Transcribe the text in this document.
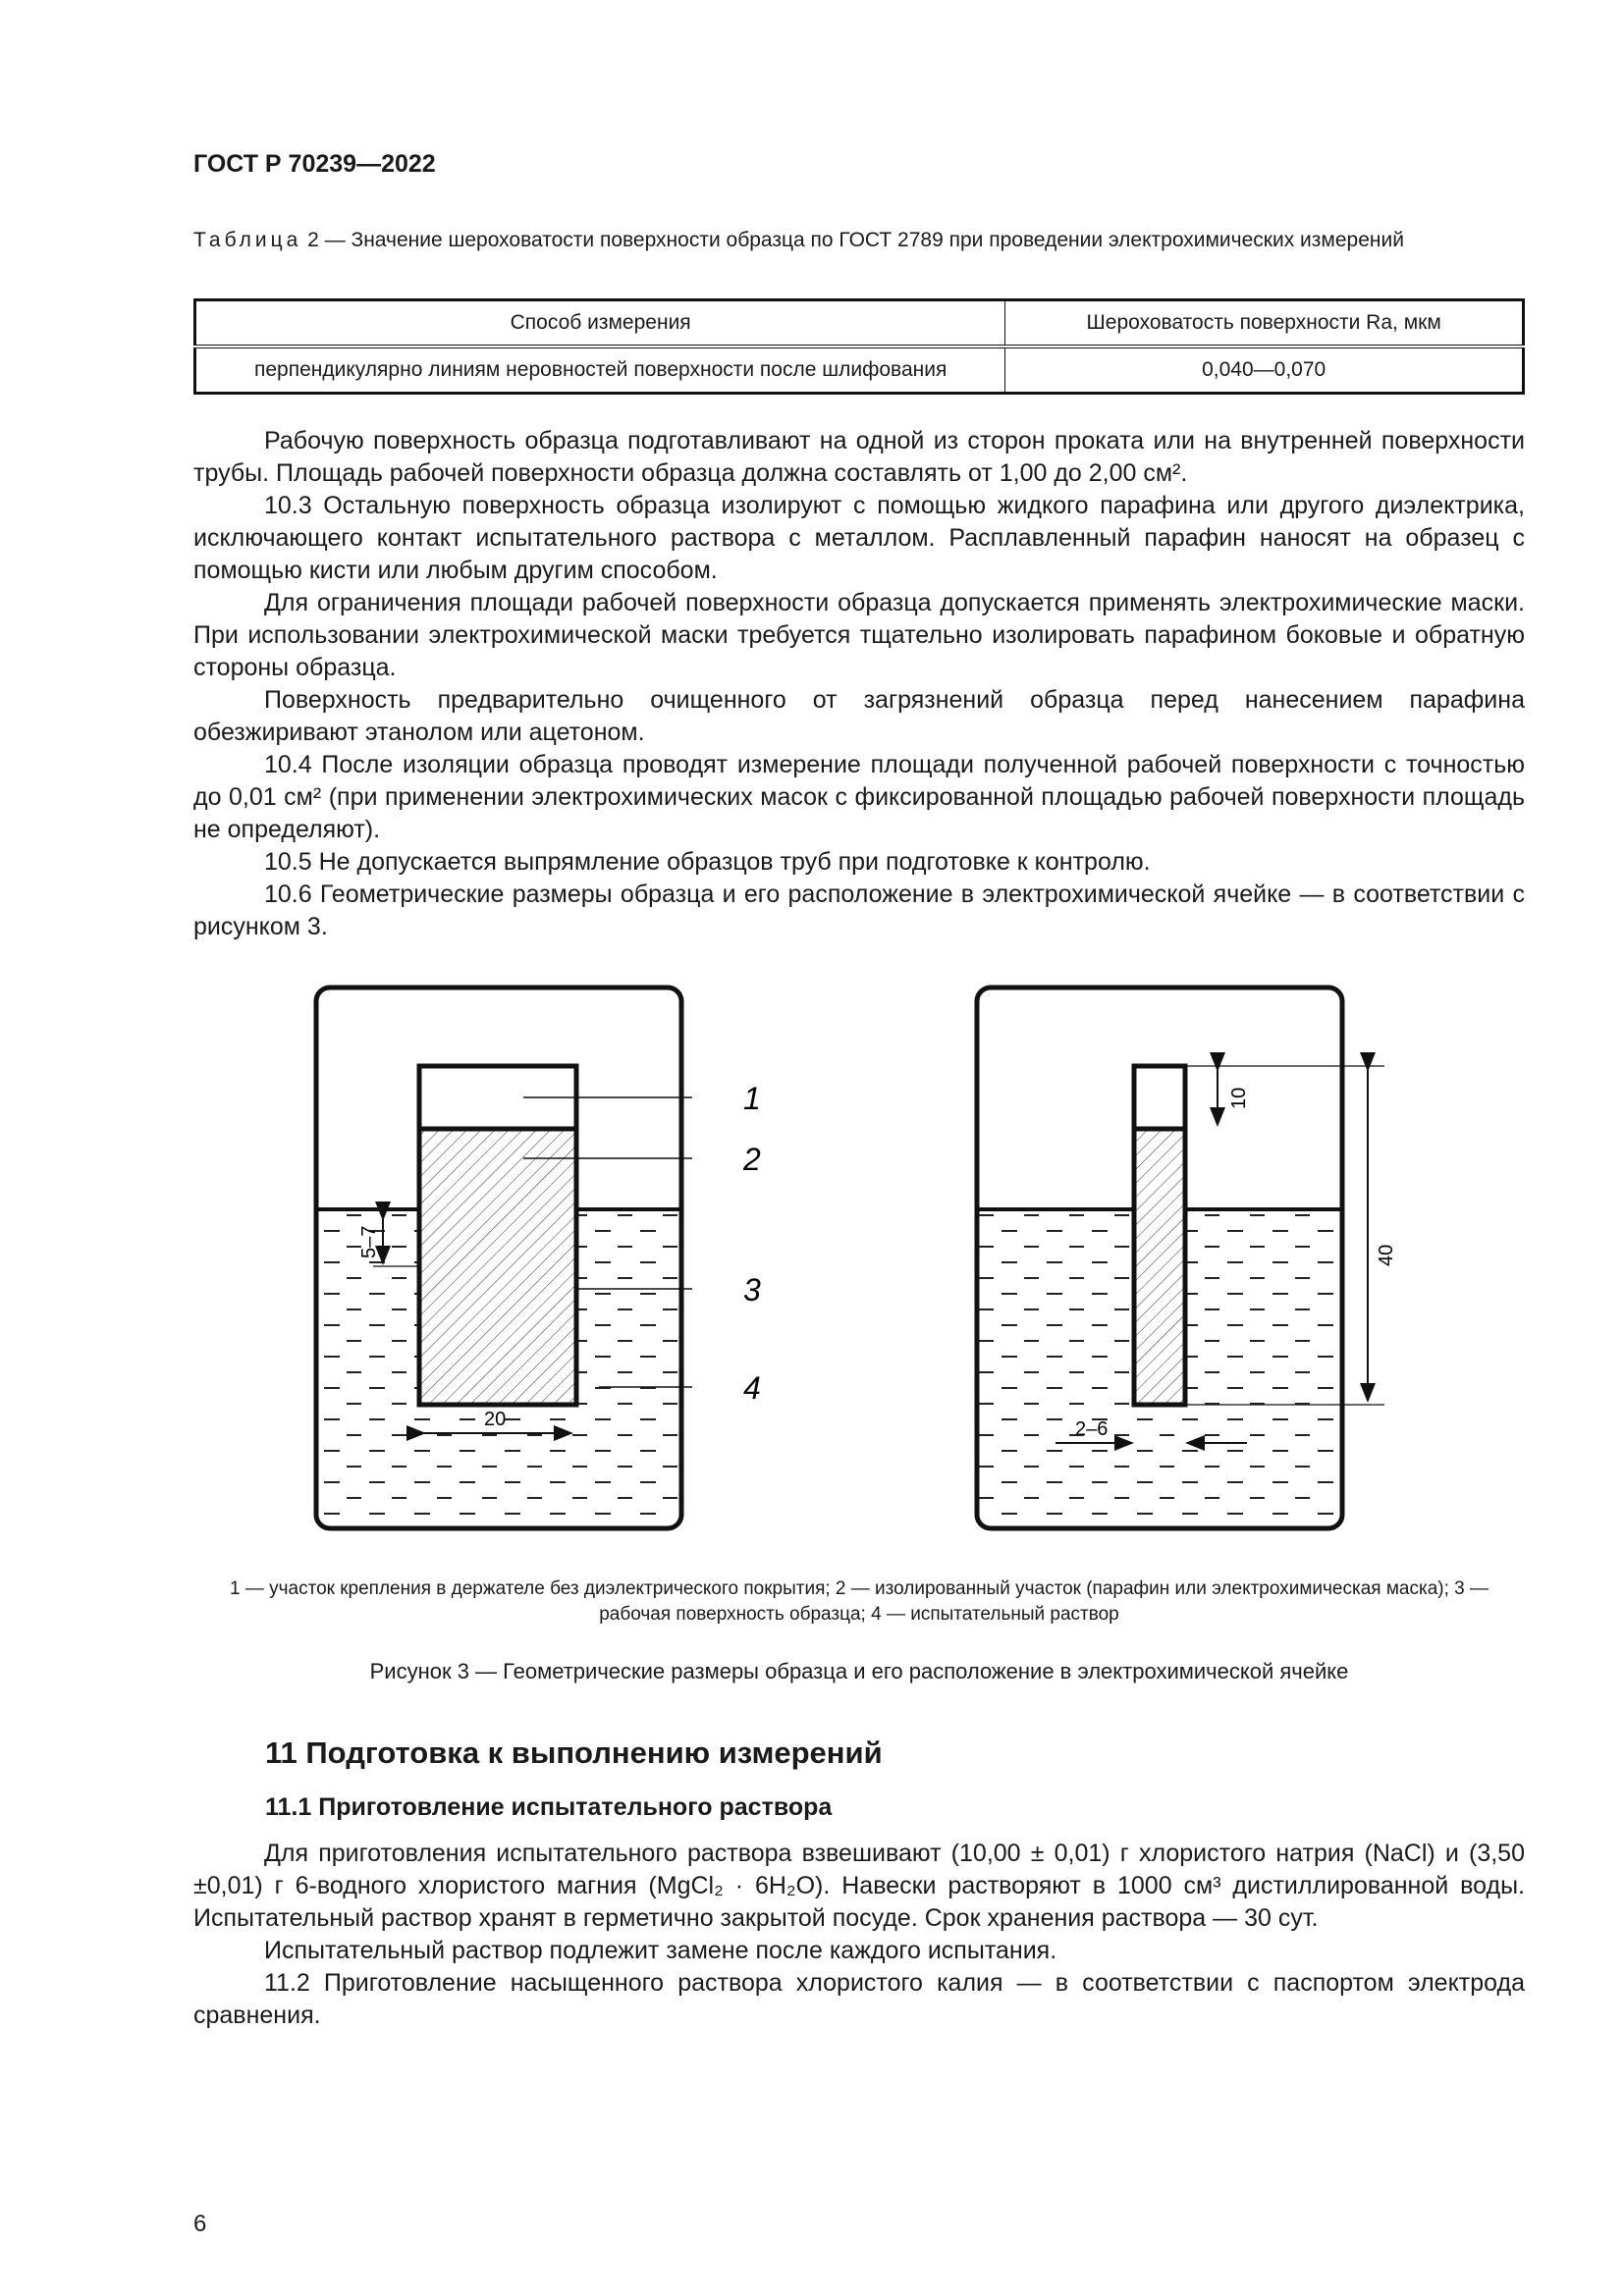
ГОСТ Р 70239—2022
Таблица 2 — Значение шероховатости поверхности образца по ГОСТ 2789 при проведении электрохимических измерений
Способ измерения	Шероховатость поверхности Ra, мкм
перпендикулярно линиям неровностей поверхности после шлифования	0,040—0,070

Рабочую поверхность образца подготавливают на одной из сторон проката или на внутренней поверхности трубы. Площадь рабочей поверхности образца должна составлять от 1,00 до 2,00 см².

10.3 Остальную поверхность образца изолируют с помощью жидкого парафина или другого диэлектрика, исключающего контакт испытательного раствора с металлом. Расплавленный парафин наносят на образец с помощью кисти или любым другим способом.

Для ограничения площади рабочей поверхности образца допускается применять электрохимические маски. При использовании электрохимической маски требуется тщательно изолировать парафином боковые и обратную стороны образца.

Поверхность предварительно очищенного от загрязнений образца перед нанесением парафина обезжиривают этанолом или ацетоном.

10.4 После изоляции образца проводят измерение площади полученной рабочей поверхности с точностью до 0,01 см² (при применении электрохимических масок с фиксированной площадью рабочей поверхности площадь не определяют).

10.5 Не допускается выпрямление образцов труб при подготовке к контролю.

10.6 Геометрические размеры образца и его расположение в электрохимической ячейке — в соответствии с рисунком 3.

1
2
3
4
5–7
20
10
40
2–6
1 — участок крепления в держателе без диэлектрического покрытия; 2 — изолированный участок (парафин или электрохимическая маска); 3 — рабочая поверхность образца; 4 — испытательный раствор
Рисунок 3 — Геометрические размеры образца и его расположение в электрохимической ячейке
11 Подготовка к выполнению измерений
11.1 Приготовление испытательного раствора

Для приготовления испытательного раствора взвешивают (10,00 ± 0,01) г хлористого натрия (NaCl) и (3,50 ±0,01) г 6-водного хлористого магния (MgCl₂ · 6H₂O). Навески растворяют в 1000 см³ дистиллированной воды. Испытательный раствор хранят в герметично закрытой посуде. Срок хранения раствора — 30 сут.

Испытательный раствор подлежит замене после каждого испытания.

11.2 Приготовление насыщенного раствора хлористого калия — в соответствии с паспортом электрода сравнения.

6
